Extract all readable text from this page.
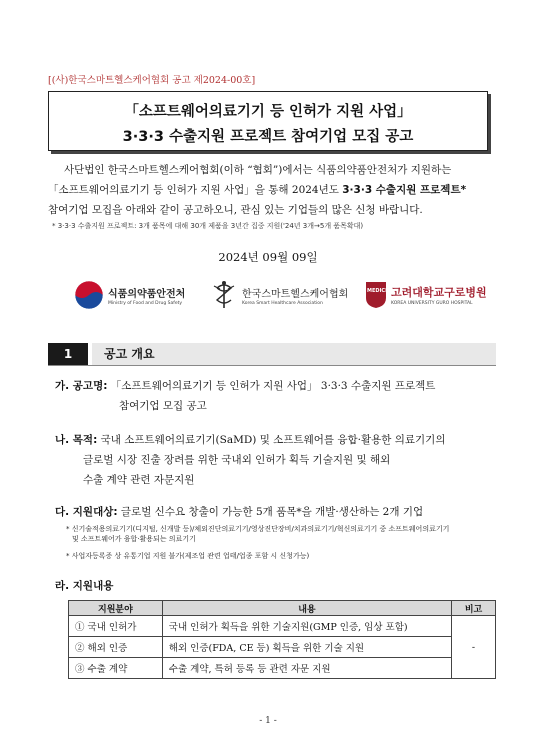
[(사)한국스마트헬스케어협회 공고 제2024-00호]
「소프트웨어의료기기 등 인허가 지원 사업」
3·3·3 수출지원 프로젝트 참여기업 모집 공고
사단법인 한국스마트헬스케어협회(이하 “협회”)에서는 식품의약품안전처가 지원하는
「소프트웨어의료기기 등 인허가 지원 사업」을 통해 2024년도 3·3·3 수출지원 프로젝트*
참여기업 모집을 아래와 같이 공고하오니, 관심 있는 기업들의 많은 신청 바랍니다.
* 3·3·3 수출지원 프로젝트: 3개 품목에 대해 30개 제품을 3년간 집중 지원('24년 3개→5개 품목확대)
2024년 09월 09일
식품의약품안전처
Ministry of Food and Drug Safety
한국스마트헬스케어협회
Korea Smart Healthcare Association
KU MEDICINE
고려대학교구로병원
KOREA UNIVERSITY GURO HOSPITAL
1	공고 개요
가. 공고명: 「소프트웨어의료기기 등 인허가 지원 사업」 3·3·3 수출지원 프로젝트
참여기업 모집 공고
나. 목적: 국내 소프트웨어의료기기(SaMD) 및 소프트웨어를 융합·활용한 의료기기의
글로벌 시장 진출 장려를 위한 국내외 인허가 획득 기술지원 및 해외
수출 계약 관련 자문지원
다. 지원대상: 글로벌 신수요 창출이 가능한 5개 품목*을 개발·생산하는 2개 기업
* 신기술적용의료기기(디지털, 신개발 등)/체외진단의료기기/영상진단장비/치과의료기기/혁신의료기기 중 소프트웨어의료기기
및 소프트웨어가 융합·활용되는 의료기기
* 사업자등록증 상 유통기업 지원 불가(제조업 관련 업태/업종 포함 시 신청가능)
라. 지원내용
지원분야	내용	비고
① 국내 인허가	국내 인허가 획득을 위한 기술지원(GMP 인증, 임상 포함)	-
② 해외 인증	해외 인증(FDA, CE 등) 획득을 위한 기술 지원	
③ 수출 계약	수출 계약, 특허 등록 등 관련 자문 지원	
- 1 -
